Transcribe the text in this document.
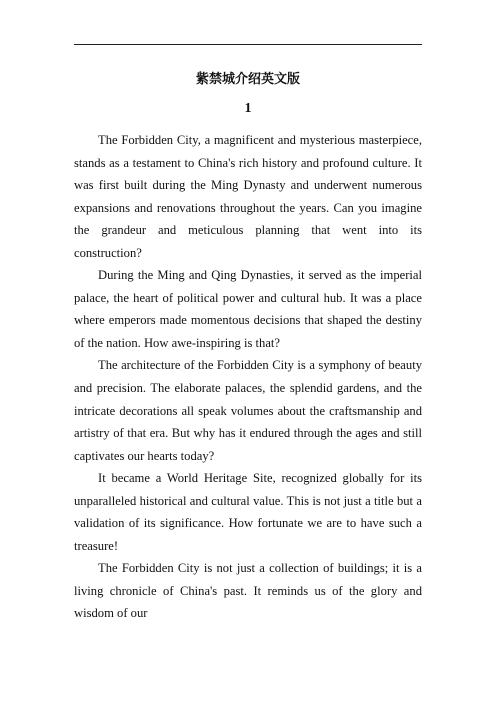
紫禁城介绍英文版
1

The Forbidden City, a magnificent and mysterious masterpiece, stands as a testament to China's rich history and profound culture. It was first built during the Ming Dynasty and underwent numerous expansions and renovations throughout the years. Can you imagine the grandeur and meticulous planning that went into its construction?

During the Ming and Qing Dynasties, it served as the imperial palace, the heart of political power and cultural hub. It was a place where emperors made momentous decisions that shaped the destiny of the nation. How awe-inspiring is that?

The architecture of the Forbidden City is a symphony of beauty and precision. The elaborate palaces, the splendid gardens, and the intricate decorations all speak volumes about the craftsmanship and artistry of that era. But why has it endured through the ages and still captivates our hearts today?

It became a World Heritage Site, recognized globally for its unparalleled historical and cultural value. This is not just a title but a validation of its significance. How fortunate we are to have such a treasure!

The Forbidden City is not just a collection of buildings; it is a living chronicle of China's past. It reminds us of the glory and wisdom of our
